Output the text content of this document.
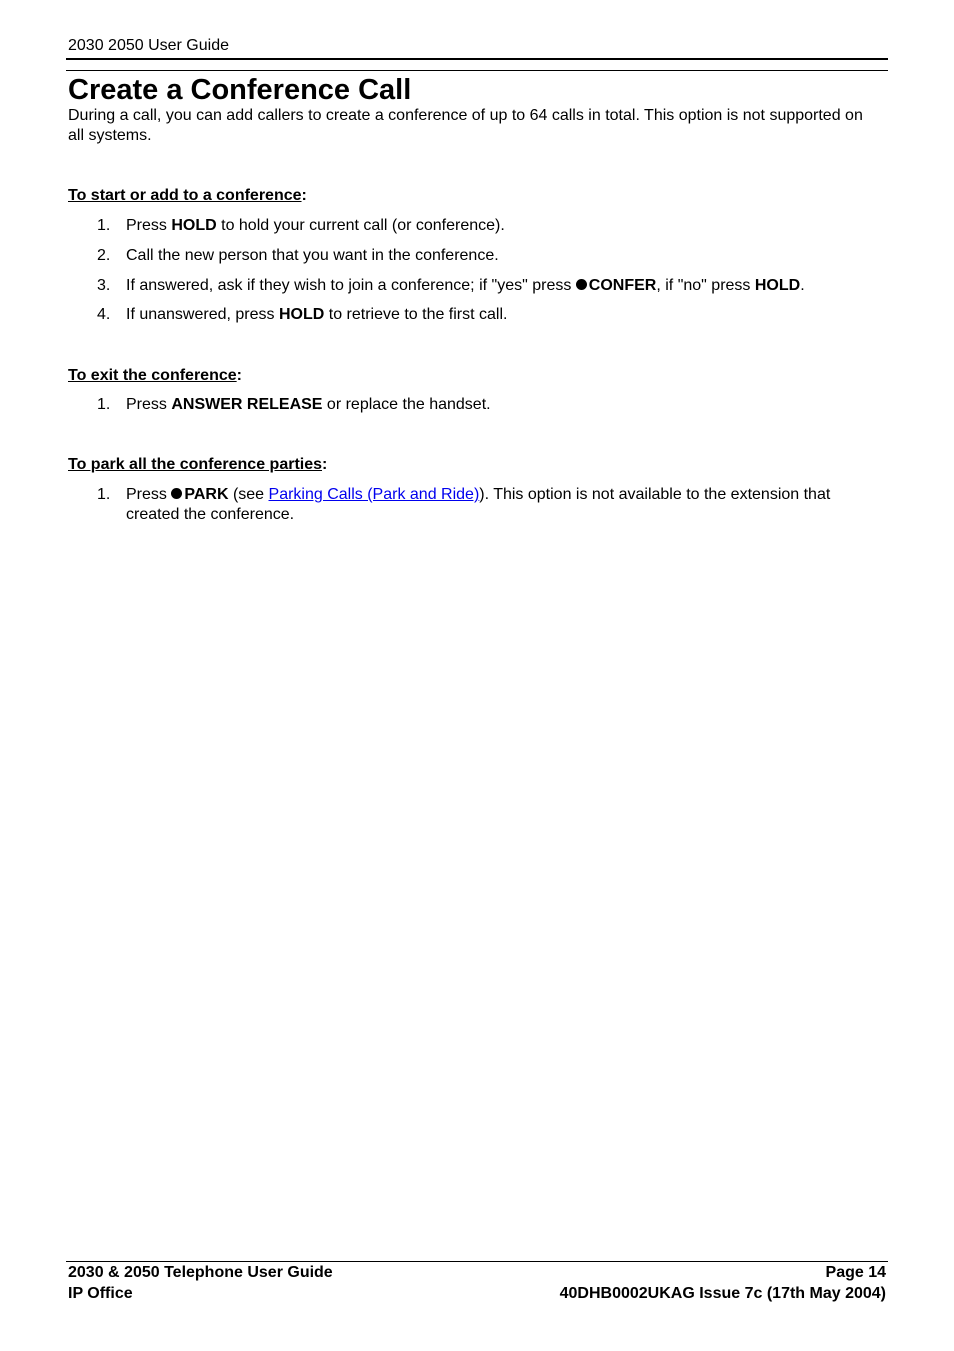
2030 2050 User Guide
Create a Conference Call

During a call, you can add callers to create a conference of up to 64 calls in total. This option is not supported on all systems.

To start or add to a conference:

1. Press HOLD to hold your current call (or conference).
2. Call the new person that you want in the conference.
3. If answered, ask if they wish to join a conference; if "yes" press CONFER, if "no" press HOLD.
4. If unanswered, press HOLD to retrieve to the first call.

To exit the conference:

1. Press ANSWER RELEASE or replace the handset.

To park all the conference parties:

1. Press PARK (see Parking Calls (Park and Ride)). This option is not available to the extension that created the conference.
2030 & 2050 Telephone User Guide	Page 14
IP Office	40DHB0002UKAG Issue 7c (17th May 2004)
